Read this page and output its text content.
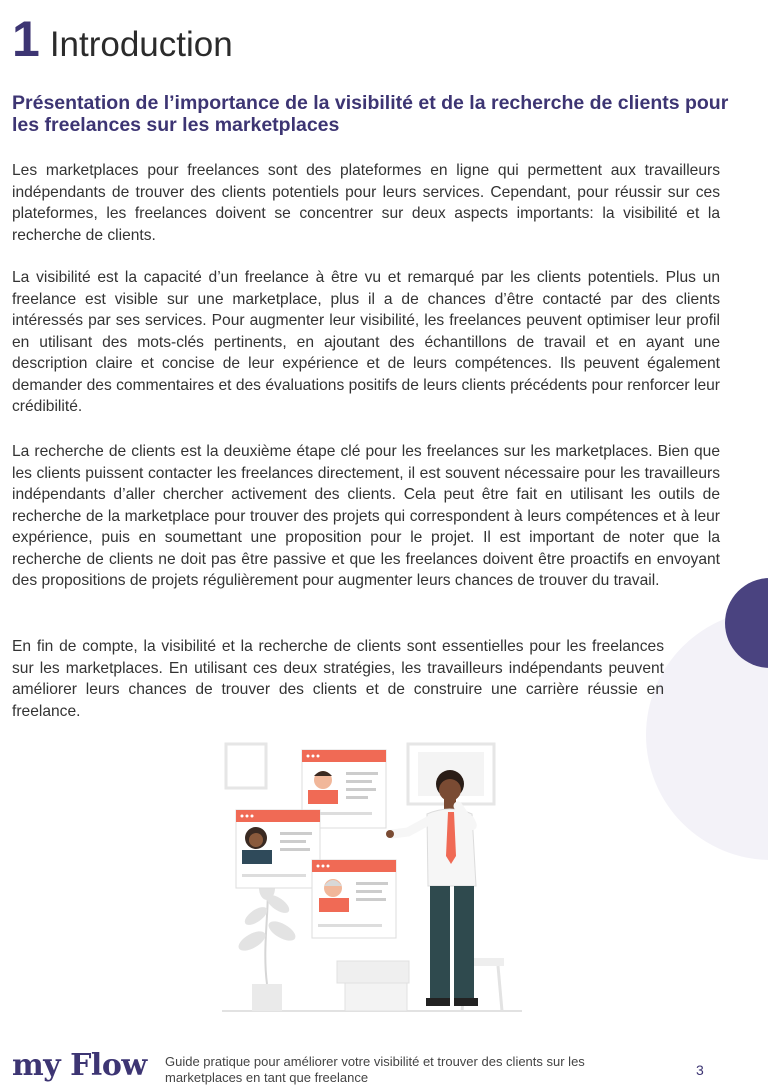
1 Introduction
Présentation de l’importance de la visibilité et de la recherche de clients pour les freelances sur les marketplaces

Les marketplaces pour freelances sont des plateformes en ligne qui permettent aux travailleurs indépendants de trouver des clients potentiels pour leurs services. Cependant, pour réussir sur ces plateformes, les freelances doivent se concentrer sur deux aspects importants: la visibilité et la recherche de clients.

La visibilité est la capacité d’un freelance à être vu et remarqué par les clients potentiels. Plus un freelance est visible sur une marketplace, plus il a de chances d’être contacté par des clients intéressés par ses services. Pour augmenter leur visibilité, les freelances peuvent optimiser leur profil en utilisant des mots-clés pertinents, en ajoutant des échantillons de travail et en ayant une description claire et concise de leur expérience et de leurs compétences. Ils peuvent également demander des commentaires et des évaluations positifs de leurs clients précédents pour renforcer leur crédibilité.

La recherche de clients est la deuxième étape clé pour les freelances sur les marketplaces. Bien que les clients puissent contacter les freelances directement, il est souvent nécessaire pour les travailleurs indépendants d’aller chercher activement des clients. Cela peut être fait en utilisant les outils de recherche de la marketplace pour trouver des projets qui correspondent à leurs compétences et à leur expérience, puis en soumettant une proposition pour le projet. Il est important de noter que la recherche de clients ne doit pas être passive et que les freelances doivent être proactifs en envoyant des propositions de projets régulièrement pour augmenter leurs chances de trouver du travail.

En fin de compte, la visibilité et la recherche de clients sont essentielles pour les freelances sur les marketplaces. En utilisant ces deux stratégies, les travailleurs indépendants peuvent améliorer leurs chances de trouver des clients et de construire une carrière réussie en freelance.

my Flow Guide pratique pour améliorer votre visibilité et trouver des clients sur les marketplaces en tant que freelance	3
